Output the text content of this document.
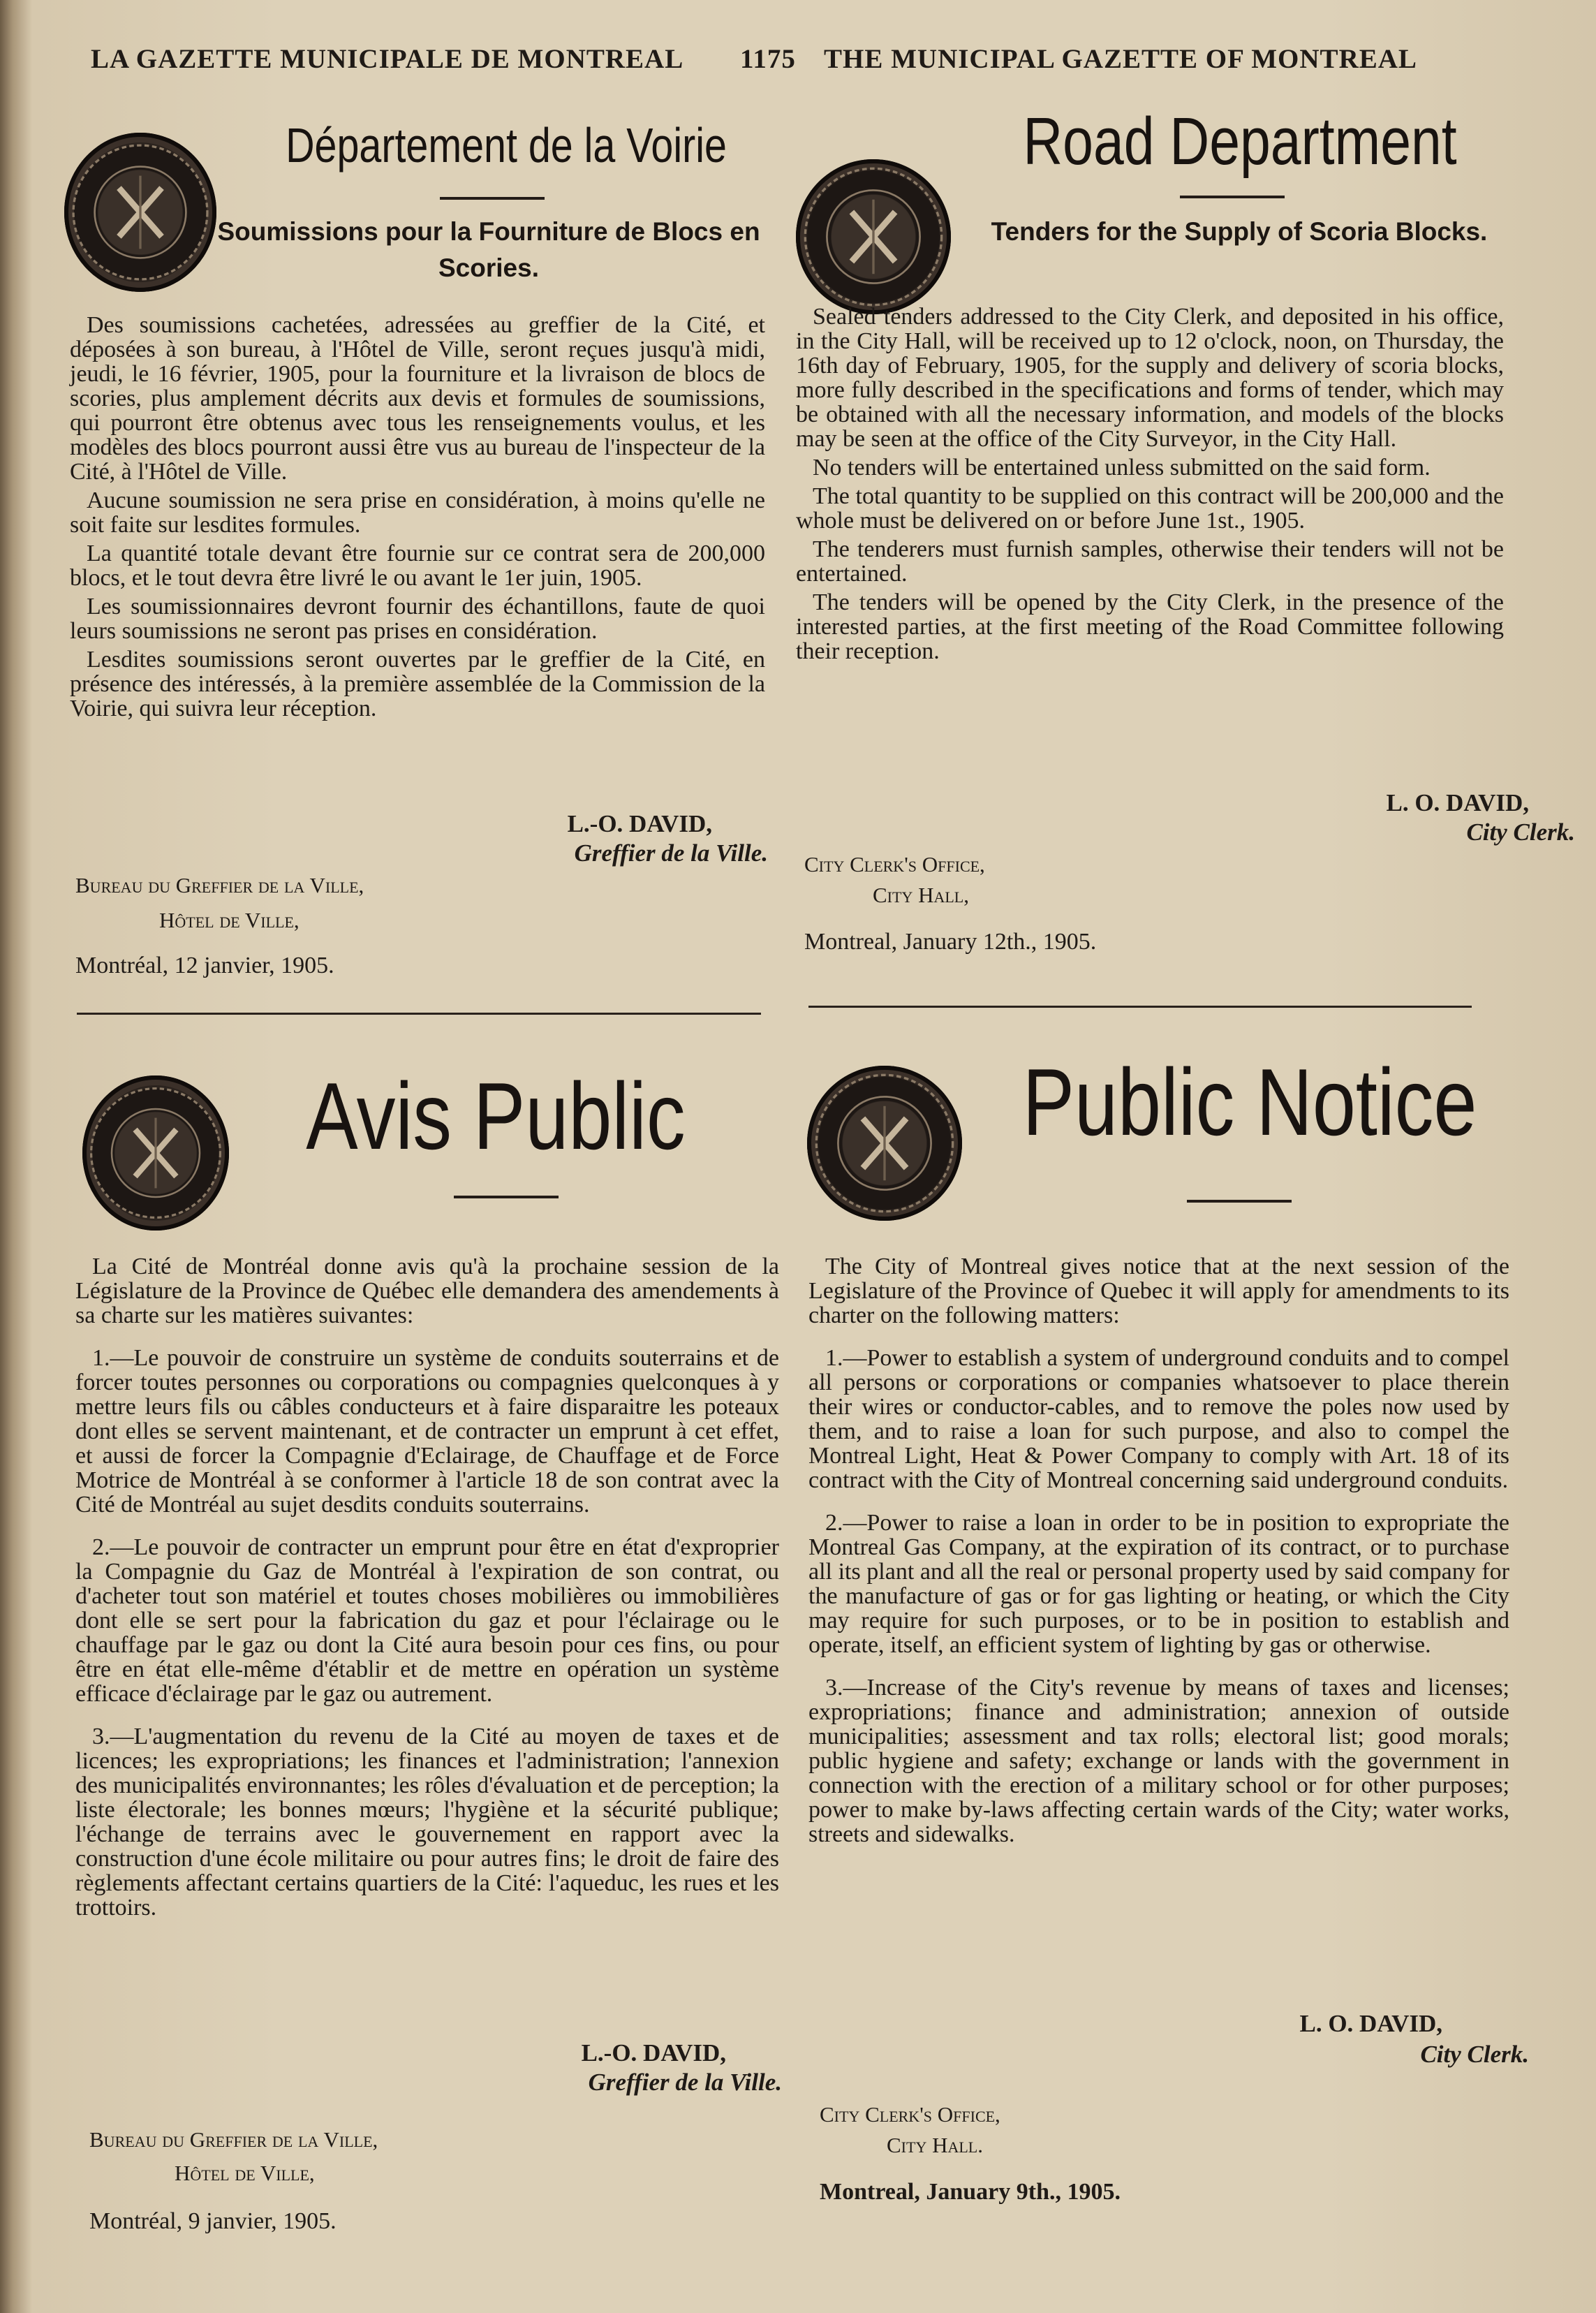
LA GAZETTE MUNICIPALE DE MONTREAL 1175 THE MUNICIPAL GAZETTE OF MONTREAL
Département de la Voirie
Soumissions pour la Fourniture de Blocs en Scories.

Des soumissions cachetées, adressées au greffier de la Cité, et déposées à son bureau, à l'Hôtel de Ville, seront reçues jusqu'à midi, jeudi, le 16 février, 1905, pour la fourniture et la livraison de blocs de scories, plus amplement décrits aux devis et formules de soumissions, qui pourront être obtenus avec tous les renseignements voulus, et les modèles des blocs pourront aussi être vus au bureau de l'inspecteur de la Cité, à l'Hôtel de Ville.

Aucune soumission ne sera prise en considération, à moins qu'elle ne soit faite sur lesdites formules.

La quantité totale devant être fournie sur ce contrat sera de 200,000 blocs, et le tout devra être livré le ou avant le 1er juin, 1905.

Les soumissionnaires devront fournir des échantillons, faute de quoi leurs soumissions ne seront pas prises en considération.

Lesdites soumissions seront ouvertes par le greffier de la Cité, en présence des intéressés, à la première assemblée de la Commission de la Voirie, qui suivra leur réception.

L.-O. DAVID,
Greffier de la Ville.
Bureau du Greffier de la Ville,
Hôtel de Ville,
Montréal, 12 janvier, 1905.
Road Department
Tenders for the Supply of Scoria Blocks.

Sealed tenders addressed to the City Clerk, and deposited in his office, in the City Hall, will be received up to 12 o'clock, noon, on Thursday, the 16th day of February, 1905, for the supply and delivery of scoria blocks, more fully described in the specifications and forms of tender, which may be obtained with all the necessary information, and models of the blocks may be seen at the office of the City Surveyor, in the City Hall.

No tenders will be entertained unless submitted on the said form.

The total quantity to be supplied on this contract will be 200,000 and the whole must be delivered on or before June 1st., 1905.

The tenderers must furnish samples, otherwise their tenders will not be entertained.

The tenders will be opened by the City Clerk, in the presence of the interested parties, at the first meeting of the Road Committee following their reception.

L. O. DAVID,
City Clerk.
City Clerk's Office,
City Hall,
Montreal, January 12th., 1905.
Avis Public

La Cité de Montréal donne avis qu'à la prochaine session de la Législature de la Province de Québec elle demandera des amendements à sa charte sur les matières suivantes:

1.—Le pouvoir de construire un système de conduits souterrains et de forcer toutes personnes ou corporations ou compagnies quelconques à y mettre leurs fils ou câbles conducteurs et à faire disparaitre les poteaux dont elles se servent maintenant, et de contracter un emprunt à cet effet, et aussi de forcer la Compagnie d'Eclairage, de Chauffage et de Force Motrice de Montréal à se conformer à l'article 18 de son contrat avec la Cité de Montréal au sujet desdits conduits souterrains.

2.—Le pouvoir de contracter un emprunt pour être en état d'exproprier la Compagnie du Gaz de Montréal à l'expiration de son contrat, ou d'acheter tout son matériel et toutes choses mobilières ou immobilières dont elle se sert pour la fabrication du gaz et pour l'éclairage ou le chauffage par le gaz ou dont la Cité aura besoin pour ces fins, ou pour être en état elle-même d'établir et de mettre en opération un système efficace d'éclairage par le gaz ou autrement.

3.—L'augmentation du revenu de la Cité au moyen de taxes et de licences; les expropriations; les finances et l'administration; l'annexion des municipalités environnantes; les rôles d'évaluation et de perception; la liste électorale; les bonnes mœurs; l'hygiène et la sécurité publique; l'échange de terrains avec le gouvernement en rapport avec la construction d'une école militaire ou pour autres fins; le droit de faire des règlements affectant certains quartiers de la Cité: l'aqueduc, les rues et les trottoirs.

L.-O. DAVID,
Greffier de la Ville.
Bureau du Greffier de la Ville,
Hôtel de Ville,
Montréal, 9 janvier, 1905.
Public Notice

The City of Montreal gives notice that at the next session of the Legislature of the Province of Quebec it will apply for amendments to its charter on the following matters:

1.—Power to establish a system of underground conduits and to compel all persons or corporations or companies whatsoever to place therein their wires or conductor-cables, and to remove the poles now used by them, and to raise a loan for such purpose, and also to compel the Montreal Light, Heat & Power Company to comply with Art. 18 of its contract with the City of Montreal concerning said underground conduits.

2.—Power to raise a loan in order to be in position to expropriate the Montreal Gas Company, at the expiration of its contract, or to purchase all its plant and all the real or personal property used by said company for the manufacture of gas or for gas lighting or heating, or which the City may require for such purposes, or to be in position to establish and operate, itself, an efficient system of lighting by gas or otherwise.

3.—Increase of the City's revenue by means of taxes and licenses; expropriations; finance and administration; annexion of outside municipalities; assessment and tax rolls; electoral list; good morals; public hygiene and safety; exchange or lands with the government in connection with the erection of a military school or for other purposes; power to make by-laws affecting certain wards of the City; water works, streets and sidewalks.

L. O. DAVID,
City Clerk.
City Clerk's Office,
City Hall.
Montreal, January 9th., 1905.
